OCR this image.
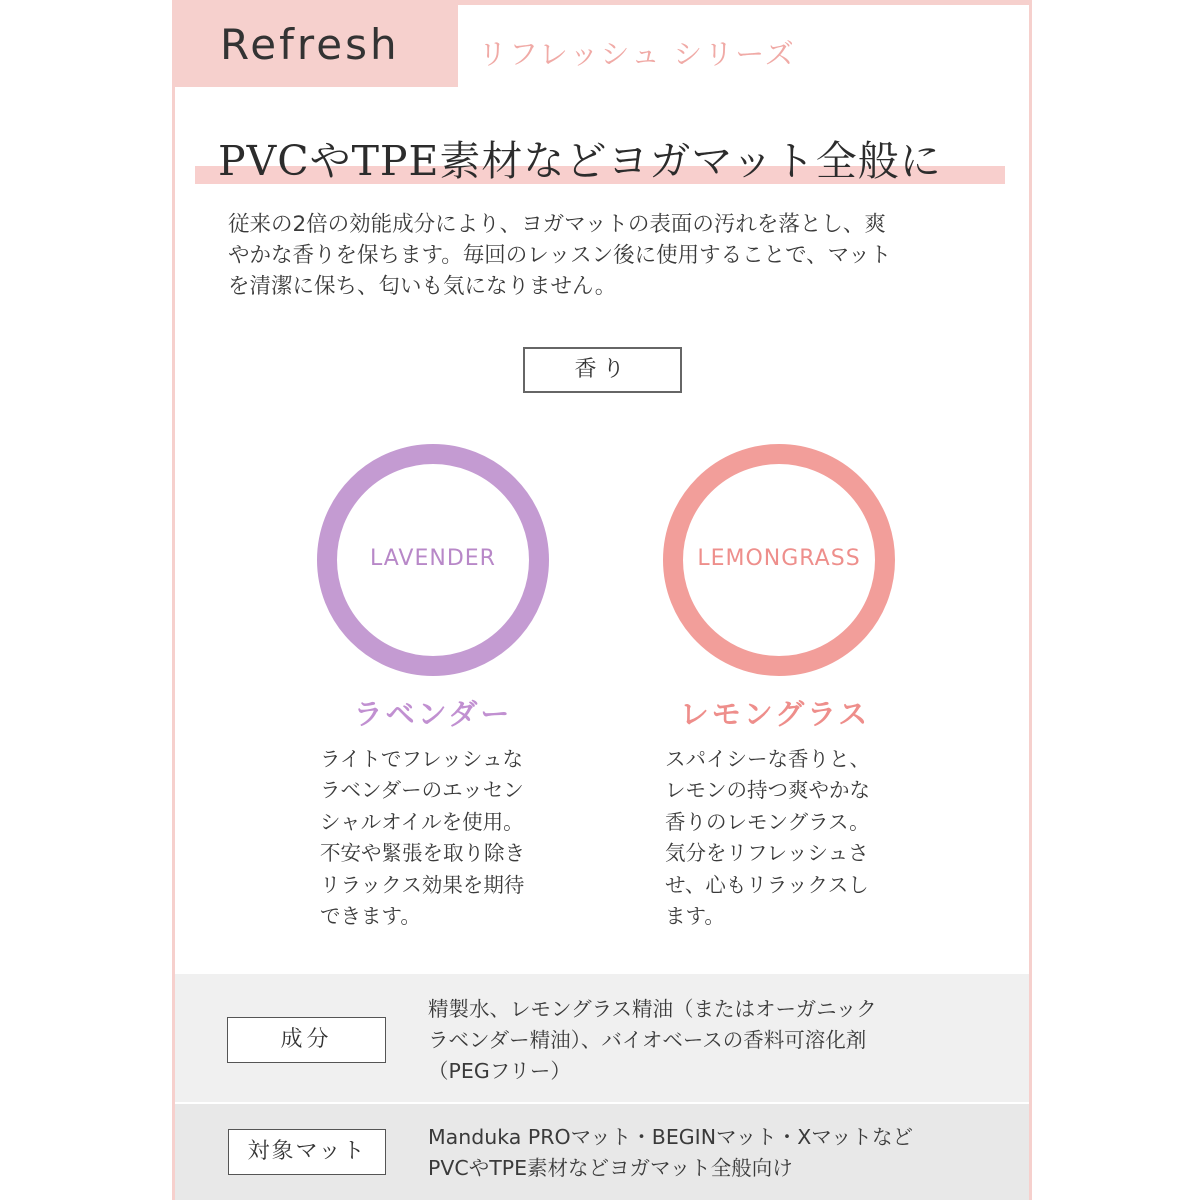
Refresh	リフレッシュ シリーズ
PVCやTPE素材などヨガマット全般に

従来の2倍の効能成分により、ヨガマットの表面の汚れを落とし、爽

やかな香りを保ちます。毎回のレッスン後に使用することで、マット

を清潔に保ち、匂いも気になりません。

香り
LAVENDER	LEMONGRASS
ラベンダー	レモングラス

ライトでフレッシュな

ラベンダーのエッセン

シャルオイルを使用。

不安や緊張を取り除き

リラックス効果を期待

できます。

スパイシーな香りと、

レモンの持つ爽やかな

香りのレモングラス。

気分をリフレッシュさ

せ、心もリラックスし

ます。

成分

精製水、レモングラス精油（またはオーガニック

ラベンダー精油）、バイオベースの香料可溶化剤

（PEGフリー）

対象マット

Manduka PROマット・BEGINマット・Xマットなど

PVCやTPE素材などヨガマット全般向け
